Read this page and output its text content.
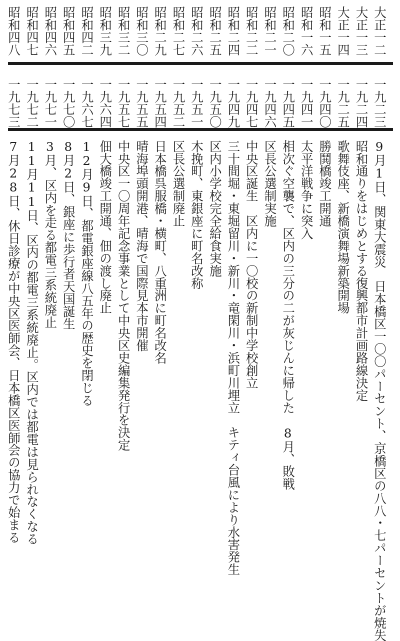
大正一二
一九二三
9月1日、関東大震災　日本橋区一〇〇パーセント、京橋区の八八・七パーセントが焼失
大正一三
一九二四
昭和通りをはじめとする復興都市計画路線決定
大正一四
一九二五
歌舞伎座、新橋演舞場新築開場
昭和一五
一九四〇
勝鬨橋竣工開通
昭和一六
一九四一
太平洋戦争に突入
昭和二〇
一九四五
相次ぐ空襲で、区内の三分の二が灰じんに帰した　8月、敗戦
昭和二一
一九四六
区長公選制実施
昭和二二
一九四七
中央区誕生　区内に一〇校の新制中学校創立
昭和二四
一九四九
三十間堀・東堀留川・新川・竜閑川・浜町川埋立　キティ台風により水害発生
昭和二五
一九五〇
区内小学校完全給食実施
昭和二六
一九五一
木挽町、東銀座に町名改称
昭和二七
一九五二
区長公選制廃止
昭和二九
一九五四
日本橋呉服橋・横町、八重洲に町名改名
昭和三〇
一九五五
晴海埠頭開港、晴海で国際見本市開催
昭和三二
一九五七
中央区一〇周年記念事業として中央区史編集発行を決定
昭和三九
一九六四
佃大橋竣工開通、佃の渡し廃止
昭和四二
一九六七
12月9日、都電銀座線八五年の歴史を閉じる
昭和四五
一九七〇
8月2日、銀座に歩行者天国誕生
昭和四六
一九七一
3月、区内を走る都電三系統廃止
昭和四七
一九七二
11月11日、区内の都電三系統廃止。区内では都電は見られなくなる
昭和四八
一九七三
7月28日、休日診療が中央区医師会、日本橋区医師会の協力で始まる
